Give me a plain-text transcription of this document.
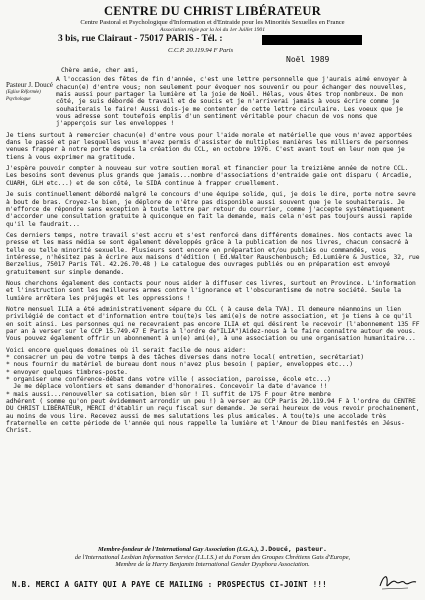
CENTRE DU CHRIST LIBÉRATEUR
Centre Pastoral et Psychologique d'Information et d'Entraide pour les Minorités Sexuelles en France
Association régie par la loi du 1er Juillet 1901
3 bis, rue Clairaut - 75017 PARIS - Tél. :
C.C.P. 20.119.94 F Paris
Noël 1989
Pasteur J. Doucé
(Eglise Réformée)
Psychologue

Chère amie, cher ami,

A l'occasion des fêtes de fin d'année, c'est une lettre personnelle que j'aurais aimé envoyer à chacun(e) d'entre vous; non seulement pour évoquer nos souvenir ou pour échanger des nouvelles, mais aussi pour partager la lumière et la joie de Noël. Hélas, vous êtes trop nombreux. De mon côté, je suis débordé de travail et de soucis et je n'arriverai jamais à vous écrire comme je souhaiterais le faire! Aussi dois-je me contenter de cette lettre circulaire. Les voeux que je vous adresse sont toutefois emplis d'un sentiment véritable pour chacun de vos noms que j'apperçois sur les enveloppes !

Je tiens surtout à remercier chacun(e) d'entre vous pour l'aide morale et matérielle que vous m'avez apportées dans le passé et par lesquelles vous m'avez permis d'assister de multiples manières les milliers de personnes venues frapper à notre porte depuis la création du CCL, en octobre 1976. C'est avant tout en leur nom que je tiens à vous exprimer ma gratitude.

J'espère pouvoir compter à nouveau sur votre soutien moral et financier pour la treizième année de notre CCL. Les besoins sont devenus plus grands que jamais...nombre d'associations d'entraide gaie ont disparu ( Arcadie, CUARH, GLH etc...) et de son côté, le SIDA continue à frapper cruellement.

Je suis continuellement débordé malgré le concours d'une équipe solide, qui, je dois le dire, porte notre sevre à bout de bras. Croyez-le bien, je déplore de n'être pas disponible aussi souvent que je le souhaiterais. Je m'efforce de répondre sans exception à toute lettre par retour du courrier, comme j'accepte systématiquement d'accorder une consultation gratuite à quiconque en fait la demande, mais cela n'est pas toujours aussi rapide qu'il le faudrait...

Ces derniers temps, notre travail s'est accru et s'est renforcé dans différents domaines. Nos contacts avec la presse et les mass média se sont également développés grâce à la publication de nos livres, chacun consacré à telle ou telle minorité sexuelle. Plusieurs sont encore en préparation et/ou publiés ou commandés, vous intéresse, n'hésitez pas à écrire aux maisons d'édition ( Ed.Walter Rauschenbusch; Ed.Lumière & Justice, 32, rue Berzelius, 75017 Paris Tél. 42.26.70.48 ) Le catalogue des ouvrages publiés ou en préparation est envoyé gratuitement sur simple demande.

Nous cherchons également des contacts pour nous aider à diffuser ces livres, surtout en Province. L'information et l'instruction sont les meilleures armes contre l'ignorance et l'obscurantisme de notre société. Seule la lumière arrêtera les préjugés et les oppressions !

Notre mensuel ILIA a été administrativement sépare du CCL ( à cause dela TVA). Il demeure néanmoins un lien privilégié de contact et d'information entre tou(te)s les ami(e)s de notre association, et je tiens à ce qu'il en soit ainsi. Les personnes qui ne recevraient pas encore ILIA et qui désirent le recevoir (l'abonnement 135 FF par an à verser sur le CCP 15.749.47 E Paris à l'ordre de"ILIA")Aidez-nous à le faire connaître autour de vous. Vous pouvez également offrir un abonnement à un(e) ami(e), à une association ou une organisation humanitaire...

Voici encore quelques domaines où il serait facile de nous aider:

* consacrer un peu de votre temps à des tâches diverses dans notre local( entretien, secrétariat)

* nous fournir du matériel de bureau dont nous n'avez plus besoin ( papier, enveloppes etc...)

* envoyer quelques timbres-poste.

* organiser une conférence-débat dans votre ville ( association, paroisse, école etc...)

Je me déplace volontiers et sans demander d'honoraires. Concevoir la date d'avance !!

* mais aussi...renouveller sa cotisation, bien sûr ! Il suffit de 175 F pour être membre

adhérent ( somme qu'on peut évidemment arrondir un peu !) à verser au CCP Paris 20.119.94 F à l'ordre du CENTRE DU CHRIST LIBÉRATEUR, MERCI d'établir un reçu fiscal sur demande. Je serai heureux de vous revoir prochainement, au moins de vous lire. Recevez aussi de mes salutations les plus amicales. A tou(te)s une accolade très fraternelle en cette période de l'année qui nous rappelle la lumière et l'Amour de Dieu manifestés en Jésus-Christ.

Membre-fondeur de l'International Gay Association (I.G.A.), J.Doucé, pasteur.
de l'International Lesbian Information Service (I.L.I.S.) et du Forum des Groupes Chrétiens Gais d'Europe,
Membre de la Harry Benjamin International Gender Dysphora Association.
N.B. MERCI A GAITY QUI A PAYE CE MAILING : PROSPECTUS CI-JOINT !!!
